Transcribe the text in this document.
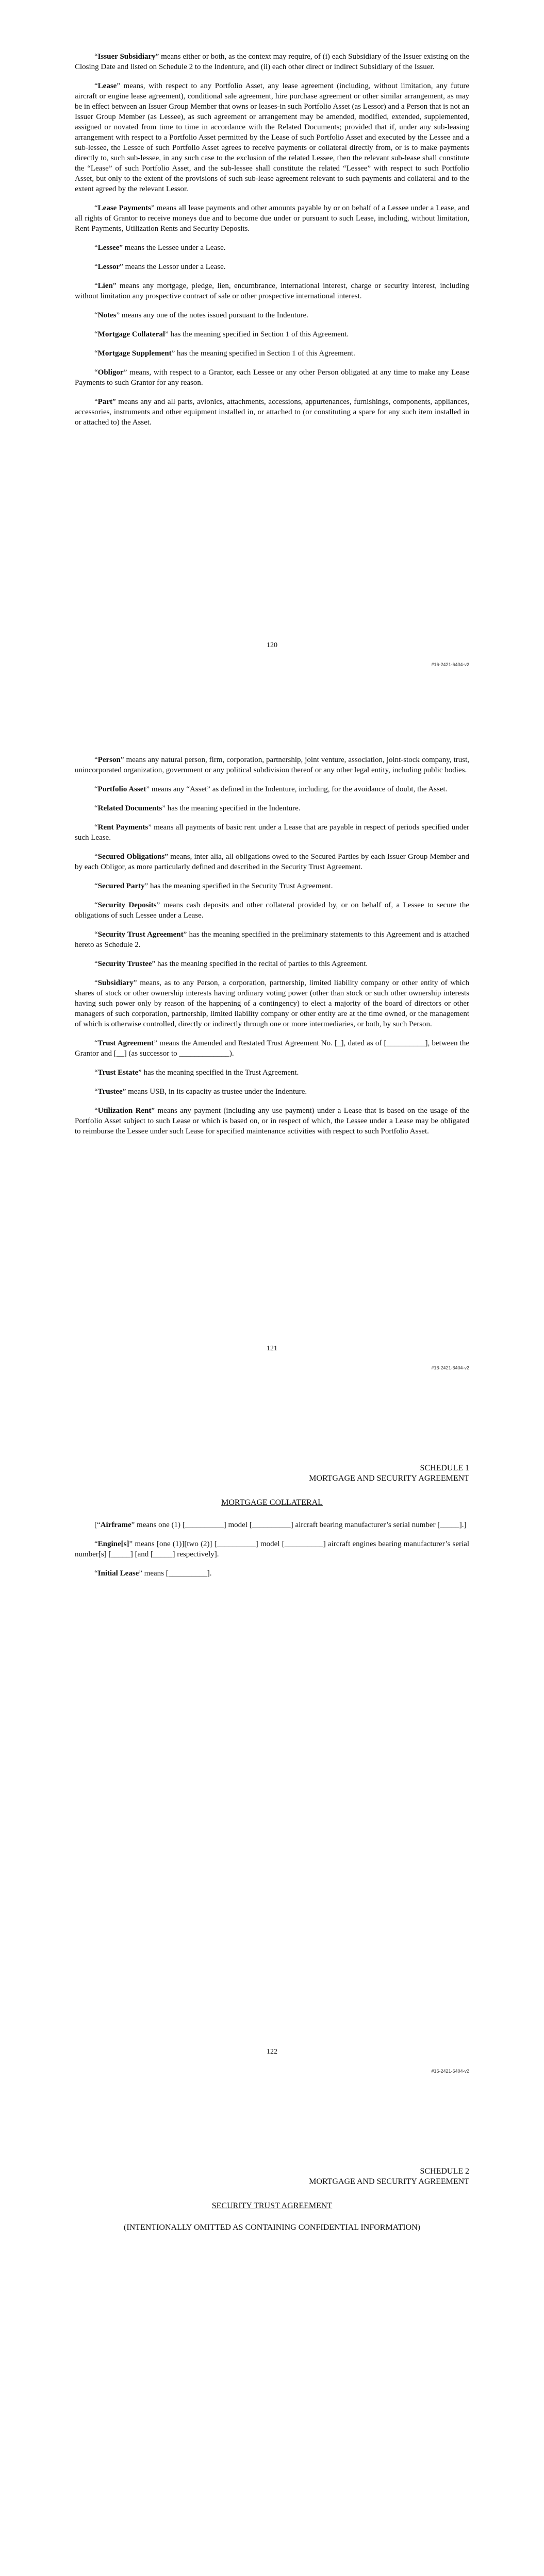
“Issuer Subsidiary” means either or both, as the context may require, of (i) each Subsidiary of the Issuer existing on the Closing Date and listed on Schedule 2 to the Indenture, and (ii) each other direct or indirect Subsidiary of the Issuer.

“Lease” means, with respect to any Portfolio Asset, any lease agreement (including, without limitation, any future aircraft or engine lease agreement), conditional sale agreement, hire purchase agreement or other similar arrangement, as may be in effect between an Issuer Group Member that owns or leases-in such Portfolio Asset (as Lessor) and a Person that is not an Issuer Group Member (as Lessee), as such agreement or arrangement may be amended, modified, extended, supplemented, assigned or novated from time to time in accordance with the Related Documents; provided that if, under any sub-leasing arrangement with respect to a Portfolio Asset permitted by the Lease of such Portfolio Asset and executed by the Lessee and a sub-lessee, the Lessee of such Portfolio Asset agrees to receive payments or collateral directly from, or is to make payments directly to, such sub-lessee, in any such case to the exclusion of the related Lessee, then the relevant sub-lease shall constitute the “Lease” of such Portfolio Asset, and the sub-lessee shall constitute the related “Lessee” with respect to such Portfolio Asset, but only to the extent of the provisions of such sub-lease agreement relevant to such payments and collateral and to the extent agreed by the relevant Lessor.

“Lease Payments” means all lease payments and other amounts payable by or on behalf of a Lessee under a Lease, and all rights of Grantor to receive moneys due and to become due under or pursuant to such Lease, including, without limitation, Rent Payments, Utilization Rents and Security Deposits.

“Lessee” means the Lessee under a Lease.

“Lessor” means the Lessor under a Lease.

“Lien” means any mortgage, pledge, lien, encumbrance, international interest, charge or security interest, including without limitation any prospective contract of sale or other prospective international interest.

“Notes” means any one of the notes issued pursuant to the Indenture.

“Mortgage Collateral” has the meaning specified in Section 1 of this Agreement.

“Mortgage Supplement” has the meaning specified in Section 1 of this Agreement.

“Obligor” means, with respect to a Grantor, each Lessee or any other Person obligated at any time to make any Lease Payments to such Grantor for any reason.

“Part” means any and all parts, avionics, attachments, accessions, appurtenances, furnishings, components, appliances, accessories, instruments and other equipment installed in, or attached to (or constituting a spare for any such item installed in or attached to) the Asset.

120
#16-2421-6404-v2

“Person” means any natural person, firm, corporation, partnership, joint venture, association, joint-stock company, trust, unincorporated organization, government or any political subdivision thereof or any other legal entity, including public bodies.

“Portfolio Asset” means any “Asset” as defined in the Indenture, including, for the avoidance of doubt, the Asset.

“Related Documents” has the meaning specified in the Indenture.

“Rent Payments” means all payments of basic rent under a Lease that are payable in respect of periods specified under such Lease.

“Secured Obligations” means, inter alia, all obligations owed to the Secured Parties by each Issuer Group Member and by each Obligor, as more particularly defined and described in the Security Trust Agreement.

“Secured Party” has the meaning specified in the Security Trust Agreement.

“Security Deposits” means cash deposits and other collateral provided by, or on behalf of, a Lessee to secure the obligations of such Lessee under a Lease.

“Security Trust Agreement” has the meaning specified in the preliminary statements to this Agreement and is attached hereto as Schedule 2.

“Security Trustee” has the meaning specified in the recital of parties to this Agreement.

“Subsidiary” means, as to any Person, a corporation, partnership, limited liability company or other entity of which shares of stock or other ownership interests having ordinary voting power (other than stock or such other ownership interests having such power only by reason of the happening of a contingency) to elect a majority of the board of directors or other managers of such corporation, partnership, limited liability company or other entity are at the time owned, or the management of which is otherwise controlled, directly or indirectly through one or more intermediaries, or both, by such Person.

“Trust Agreement” means the Amended and Restated Trust Agreement No. [_], dated as of [__________], between the Grantor and [__] (as successor to _____________).

“Trust Estate” has the meaning specified in the Trust Agreement.

“Trustee” means USB, in its capacity as trustee under the Indenture.

“Utilization Rent” means any payment (including any use payment) under a Lease that is based on the usage of the Portfolio Asset subject to such Lease or which is based on, or in respect of which, the Lessee under a Lease may be obligated to reimburse the Lessee under such Lease for specified maintenance activities with respect to such Portfolio Asset.

121
#16-2421-6404-v2
SCHEDULE 1
MORTGAGE AND SECURITY AGREEMENT
MORTGAGE COLLATERAL

[“Airframe” means one (1) [__________] model [__________] aircraft bearing manufacturer’s serial number [_____].]

“Engine[s]” means [one (1)][two (2)] [__________] model [__________] aircraft engines bearing manufacturer’s serial number[s] [_____] [and [_____] respectively].

“Initial Lease” means [__________].

122
#16-2421-6404-v2
SCHEDULE 2
MORTGAGE AND SECURITY AGREEMENT
SECURITY TRUST AGREEMENT
(INTENTIONALLY OMITTED AS CONTAINING CONFIDENTIAL INFORMATION)
